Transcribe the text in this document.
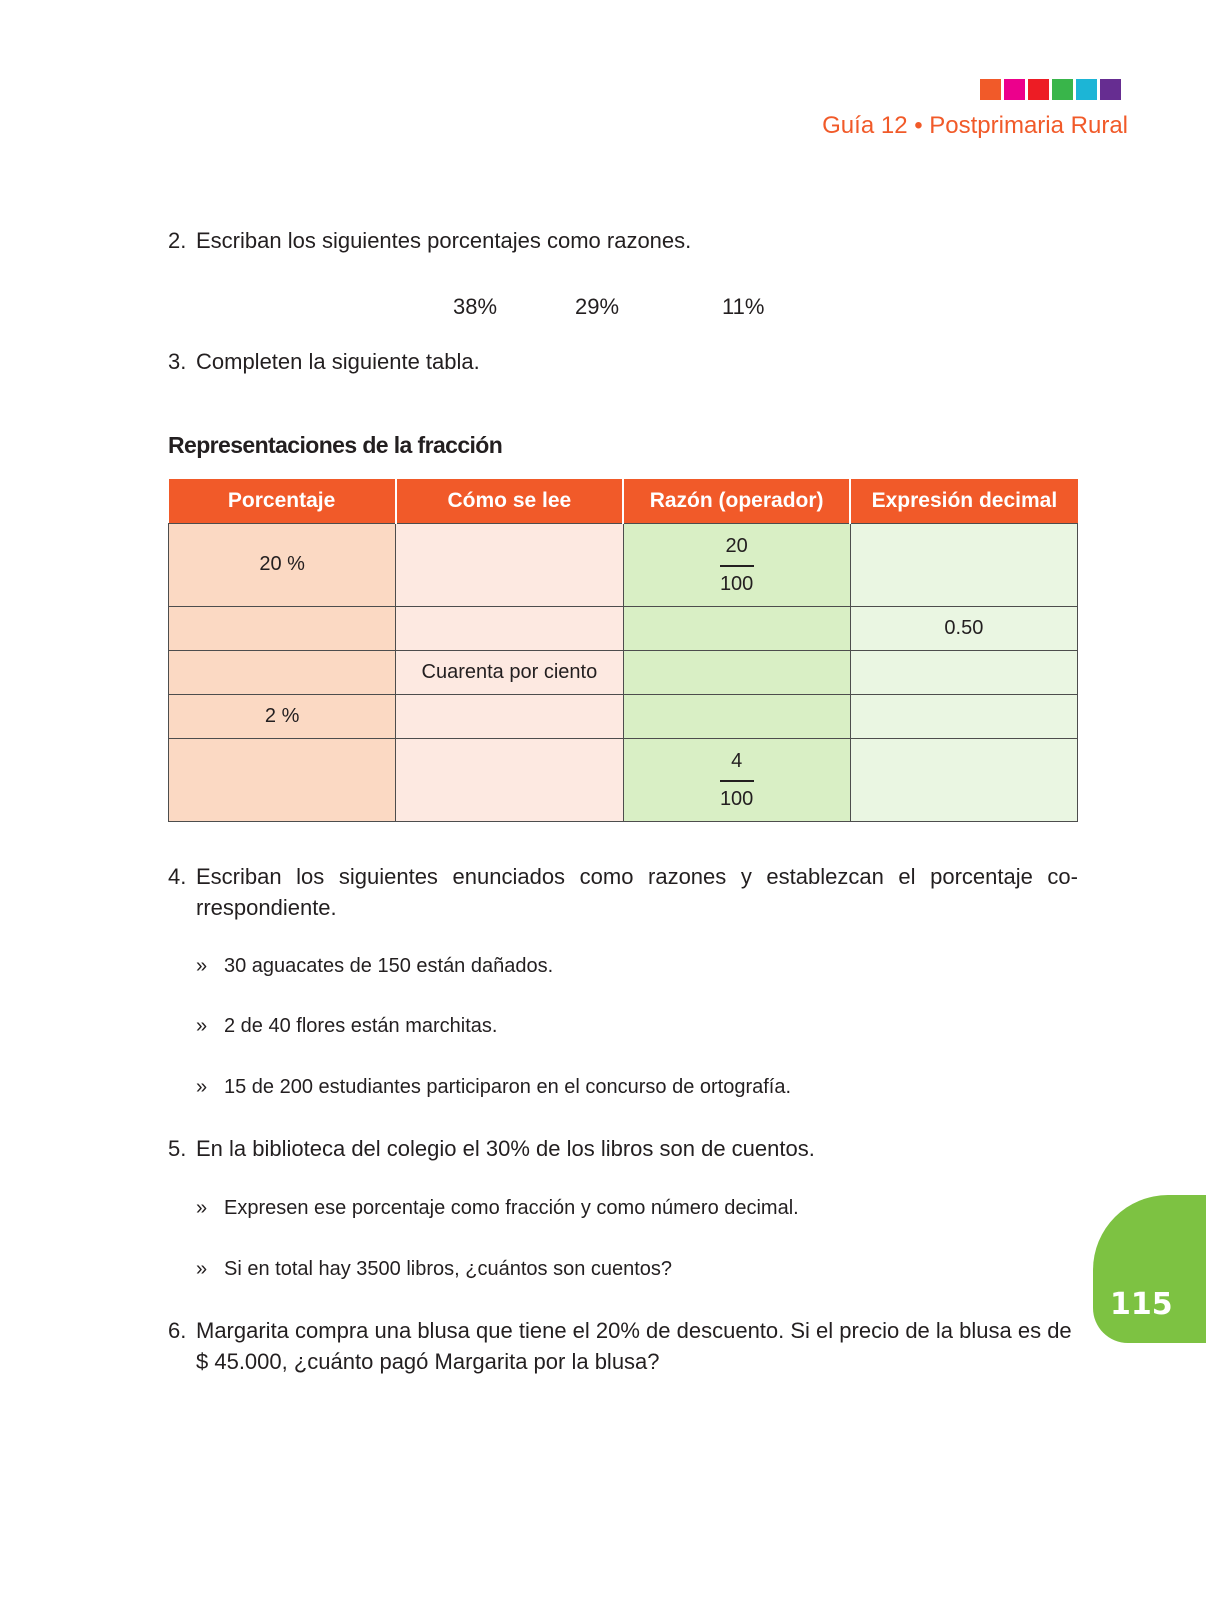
Guía 12 • Postprimaria Rural
2. Escriban los siguientes porcentajes como razones.
38%	29%	11%
3. Completen la siguiente tabla.
Representaciones de la fracción
Porcentaje	Cómo se lee	Razón (operador)	Expresión decimal
20 %		$\frac{20}{100}$

			0.50
	Cuarenta por ciento		
2 %			

		$\frac{4}{100}$

4. Escriban los siguientes enunciados como razones y establezcan el porcentaje co-rrespondiente.
» 30 aguacates de 150 están dañados.
» 2 de 40 flores están marchitas.
» 15 de 200 estudiantes participaron en el concurso de ortografía.
5. En la biblioteca del colegio el 30% de los libros son de cuentos.
» Expresen ese porcentaje como fracción y como número decimal.
» Si en total hay 3500 libros, ¿cuántos son cuentos?
6. Margarita compra una blusa que tiene el 20% de descuento. Si el precio de la blusa es de $ 45.000, ¿cuánto pagó Margarita por la blusa?
115
